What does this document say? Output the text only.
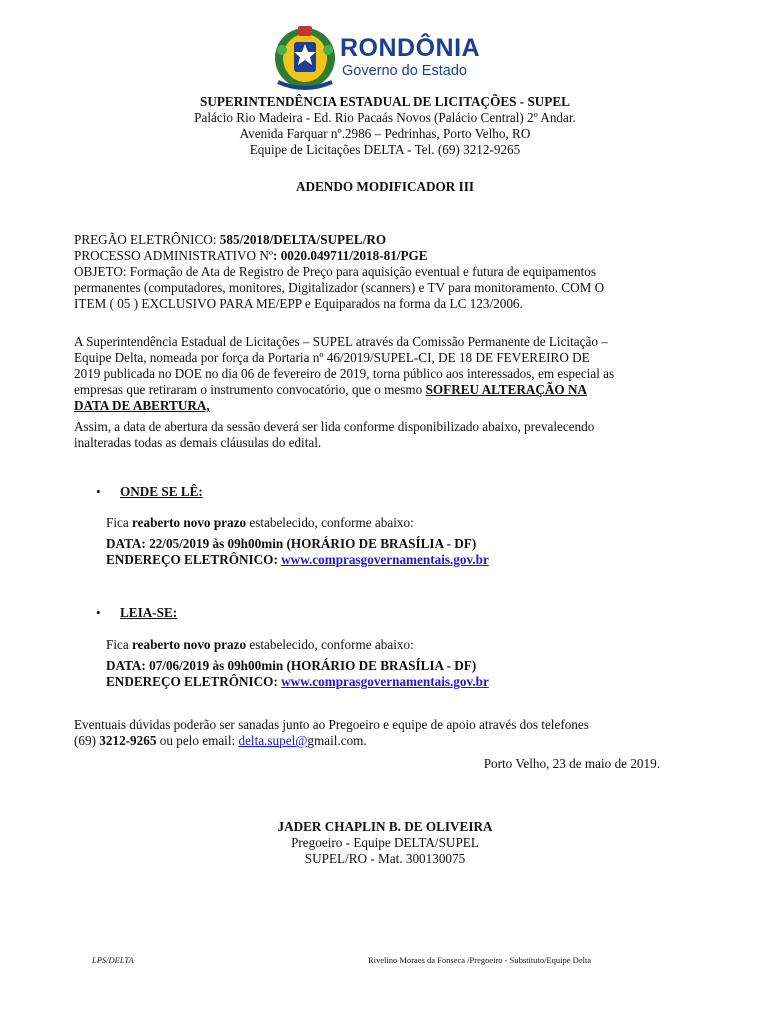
RONDÔNIA
Governo do Estado
SUPERINTENDÊNCIA ESTADUAL DE LICITAÇÕES - SUPEL
Palácio Rio Madeira - Ed. Rio Pacaás Novos (Palácio Central) 2º Andar.
Avenida Farquar nº.2986 – Pedrinhas, Porto Velho, RO
Equipe de Licitações DELTA - Tel. (69) 3212-9265
ADENDO MODIFICADOR III
PREGÃO ELETRÔNICO: 585/2018/DELTA/SUPEL/RO
PROCESSO ADMINISTRATIVO Nº: 0020.049711/2018-81/PGE
OBJETO: Formação de Ata de Registro de Preço para aquisição eventual e futura de equipamentos
permanentes (computadores, monitores, Digitalizador (scanners) e TV para monitoramento. COM O
ITEM ( 05 ) EXCLUSIVO PARA ME/EPP e Equiparados na forma da LC 123/2006.
A Superintendência Estadual de Licitações – SUPEL através da Comissão Permanente de Licitação –
Equipe Delta, nomeada por força da Portaria nº 46/2019/SUPEL-CI, DE 18 DE FEVEREIRO DE
2019 publicada no DOE no dia 06 de fevereiro de 2019, torna público aos interessados, em especial as
empresas que retiraram o instrumento convocatório, que o mesmo SOFREU ALTERAÇÃO NA
DATA DE ABERTURA,
Assim, a data de abertura da sessão deverá ser lida conforme disponibilizado abaixo, prevalecendo
inalteradas todas as demais cláusulas do edital.
• ONDE SE LÊ:
Fica reaberto novo prazo estabelecido, conforme abaixo:
DATA: 22/05/2019 às 09h00min (HORÁRIO DE BRASÍLIA - DF)
ENDEREÇO ELETRÔNICO: www.comprasgovernamentais.gov.br
• LEIA-SE:
Fica reaberto novo prazo estabelecido, conforme abaixo:
DATA: 07/06/2019 às 09h00min (HORÁRIO DE BRASÍLIA - DF)
ENDEREÇO ELETRÔNICO: www.comprasgovernamentais.gov.br
Eventuais dúvidas poderão ser sanadas junto ao Pregoeiro e equipe de apoio através dos telefones
(69) 3212-9265 ou pelo email: delta.supel@gmail.com.
Porto Velho, 23 de maio de 2019.
JADER CHAPLIN B. DE OLIVEIRA
Pregoeiro - Equipe DELTA/SUPEL
SUPEL/RO - Mat. 300130075
LPS/DELTA	Rivelino Moraes da Fonseca /Pregoeiro - Substituto/Equipe Delta
